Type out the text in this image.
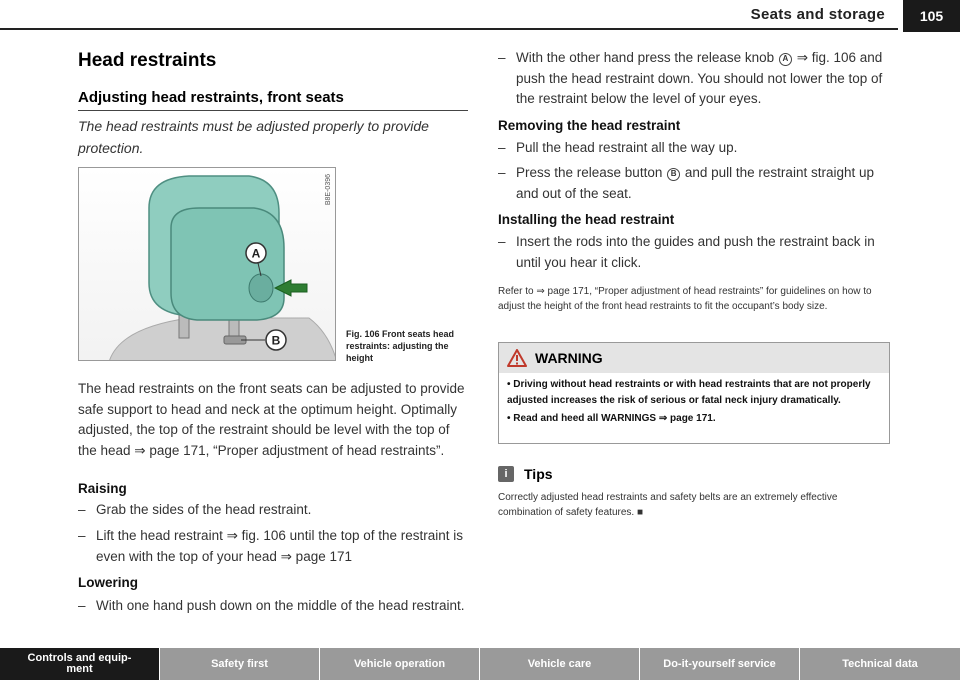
Seats and storage	105
Head restraints
Adjusting head restraints, front seats
The head restraints must be adjusted properly to provide protection.
A
B
B8E-0396
Fig. 106 Front seats head restraints: adjusting the height

The head restraints on the front seats can be adjusted to provide safe support to head and neck at the optimum height. Optimally adjusted, the top of the restraint should be level with the top of the head ⇒ page 171, “Proper adjustment of head restraints”.

Raising
– Grab the sides of the head restraint.
– Lift the head restraint ⇒ fig. 106 until the top of the restraint is even with the top of your head ⇒ page 171
Lowering
– With one hand push down on the middle of the head restraint.
– With the other hand press the release knob A ⇒ fig. 106 and push the head restraint down. You should not lower the top of the restraint below the level of your eyes.
Removing the head restraint
– Pull the head restraint all the way up.
– Press the release button B and pull the restraint straight up and out of the seat.
Installing the head restraint
– Insert the rods into the guides and push the restraint back in until you hear it click.
Refer to ⇒ page 171, “Proper adjustment of head restraints” for guidelines on how to adjust the height of the front head restraints to fit the occupant’s body size.
WARNING
• Driving without head restraints or with head restraints that are not properly adjusted increases the risk of serious or fatal neck injury dramatically.
• Read and heed all WARNINGS ⇒ page 171.
i	Tips
Correctly adjusted head restraints and safety belts are an extremely effective combination of safety features. ■
Controls and equip-
ment	Safety first	Vehicle operation	Vehicle care	Do-it-yourself service	Technical data
